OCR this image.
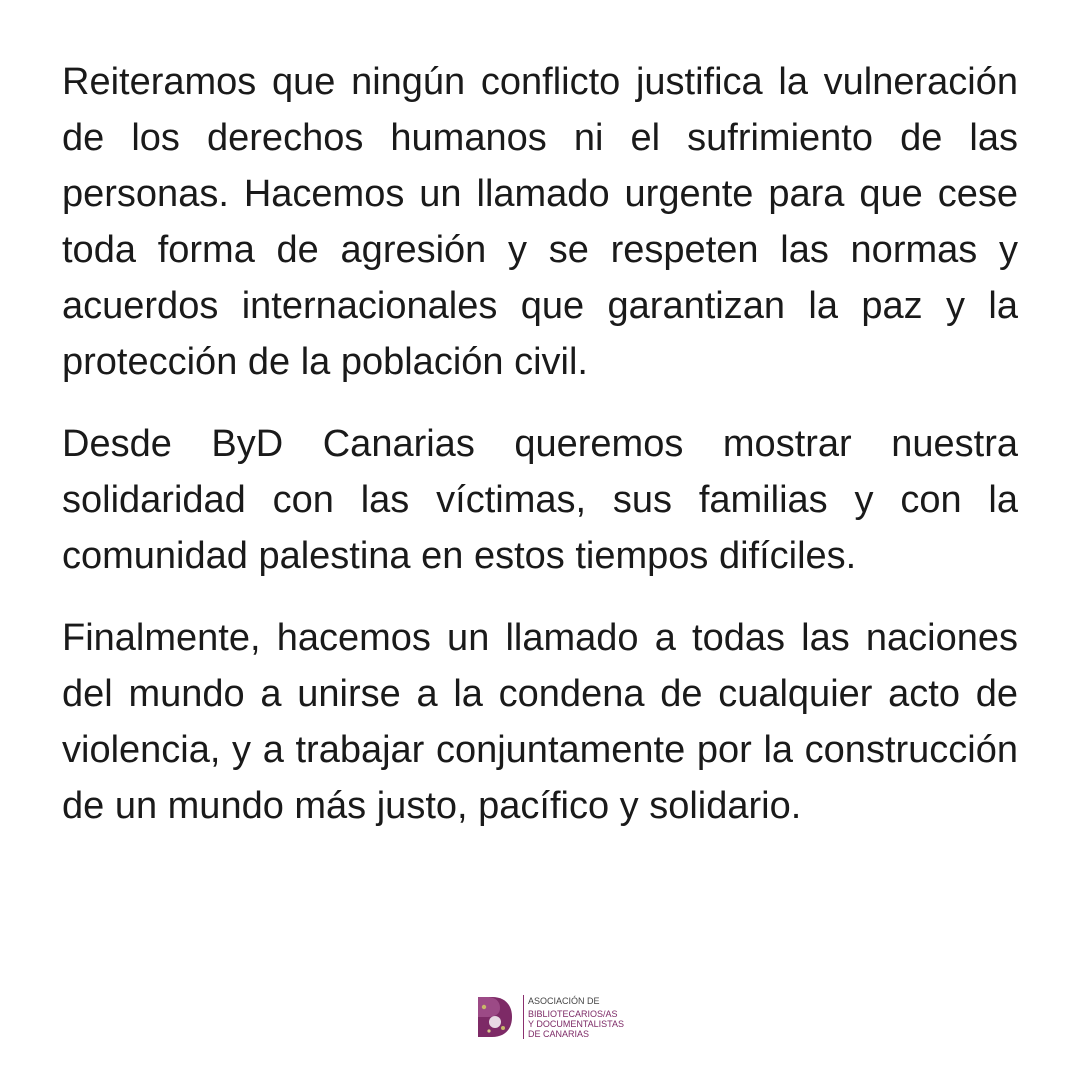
Reiteramos que ningún conflicto justifica la vulneración de los derechos humanos ni el sufrimiento de las personas. Hacemos un llamado urgente para que cese toda forma de agresión y se respeten las normas y acuerdos internacionales que garantizan la paz y la protección de la población civil.

Desde ByD Canarias queremos mostrar nuestra solidaridad con las víctimas, sus familias y con la comunidad palestina en estos tiempos difíciles.

Finalmente, hacemos un llamado a todas las naciones del mundo a unirse a la condena de cualquier acto de violencia, y a trabajar conjuntamente por la construcción de un mundo más justo, pacífico y solidario.

ASOCIACIÓN DE
BIBLIOTECARIOS/AS
Y DOCUMENTALISTAS
DE CANARIAS
